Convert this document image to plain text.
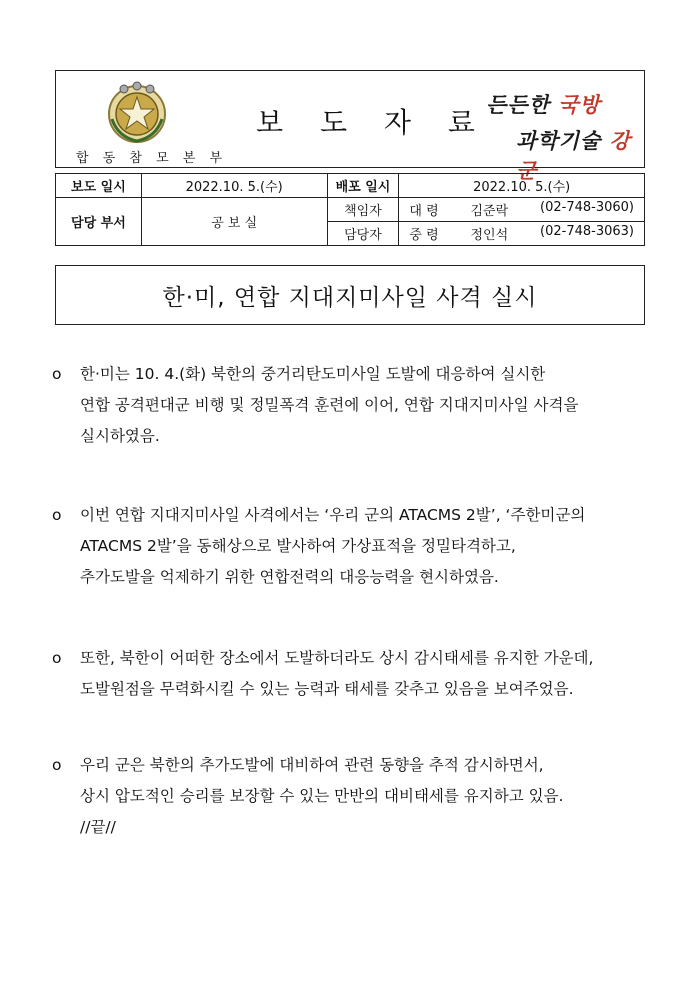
합 동 참 모 본 부
보 도 자 료
든든한 국방
과학기술 강군
보도 일시	2022.10. 5.(수)	배포 일시	2022.10. 5.(수)
담당 부서	공 보 실	책임자	대 령 김준락 (02-748-3060)

		담당자	중 령 정인석 (02-748-3063)
한·미, 연합 지대지미사일 사격 실시
o	한·미는 10. 4.(화) 북한의 중거리탄도미사일 도발에 대응하여 실시한
연합 공격편대군 비행 및 정밀폭격 훈련에 이어, 연합 지대지미사일 사격을
실시하였음.
o	이번 연합 지대지미사일 사격에서는 ‘우리 군의 ATACMS 2발’, ‘주한미군의
ATACMS 2발’을 동해상으로 발사하여 가상표적을 정밀타격하고,
추가도발을 억제하기 위한 연합전력의 대응능력을 현시하였음.
o	또한, 북한이 어떠한 장소에서 도발하더라도 상시 감시태세를 유지한 가운데,
도발원점을 무력화시킬 수 있는 능력과 태세를 갖추고 있음을 보여주었음.
o	우리 군은 북한의 추가도발에 대비하여 관련 동향을 추적 감시하면서,
상시 압도적인 승리를 보장할 수 있는 만반의 대비태세를 유지하고 있음.
//끝//
